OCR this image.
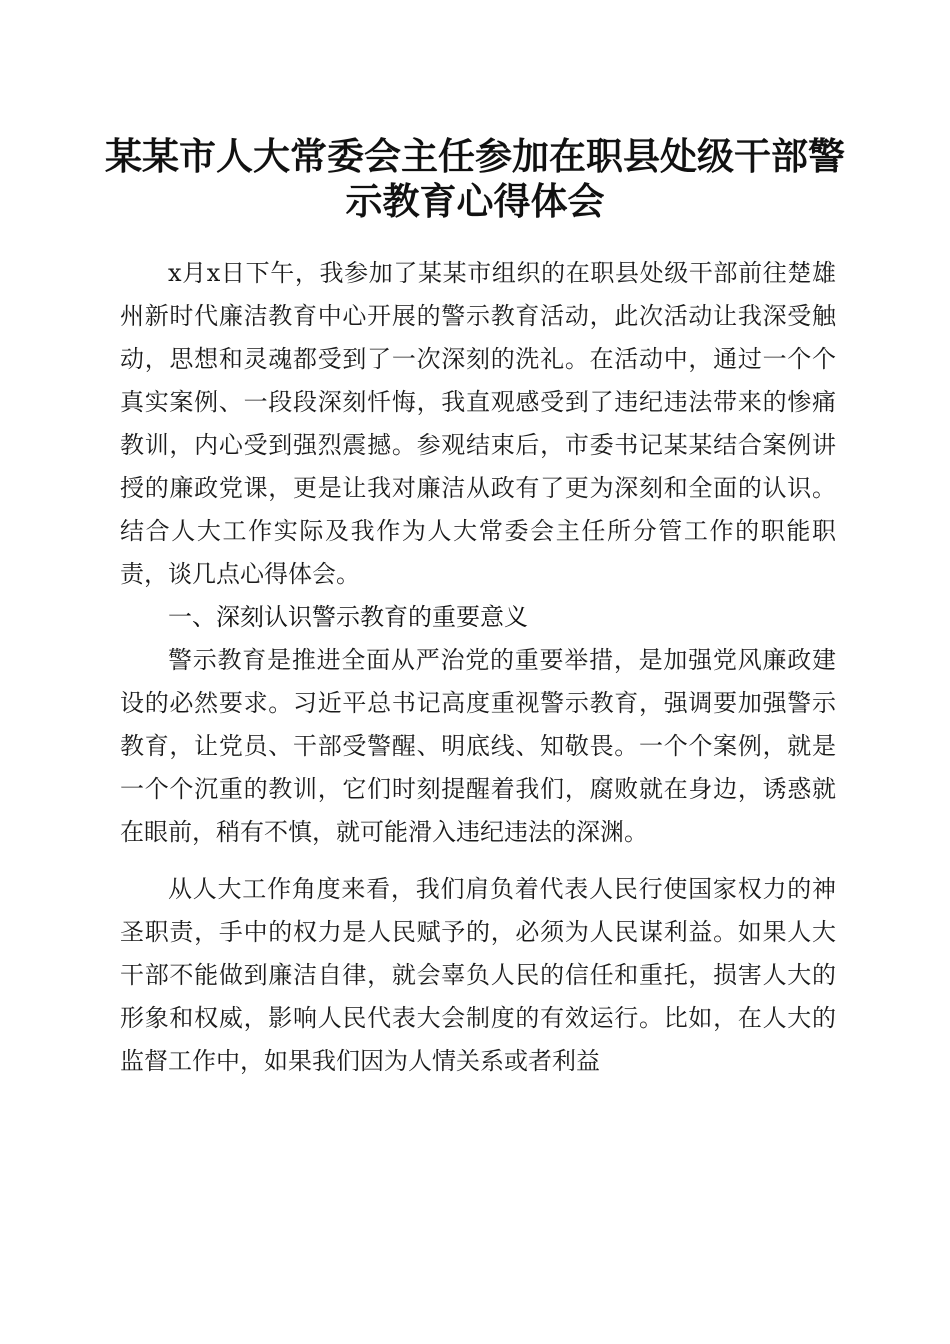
某某市人大常委会主任参加在职县处级干部警示教育心得体会

x月x日下午，我参加了某某市组织的在职县处级干部前往楚雄州新时代廉洁教育中心开展的警示教育活动，此次活动让我深受触动，思想和灵魂都受到了一次深刻的洗礼。在活动中，通过一个个真实案例、一段段深刻忏悔，我直观感受到了违纪违法带来的惨痛教训，内心受到强烈震撼。参观结束后，市委书记某某结合案例讲授的廉政党课，更是让我对廉洁从政有了更为深刻和全面的认识。结合人大工作实际及我作为人大常委会主任所分管工作的职能职责，谈几点心得体会。

一、深刻认识警示教育的重要意义

警示教育是推进全面从严治党的重要举措，是加强党风廉政建设的必然要求。习近平总书记高度重视警示教育，强调要加强警示教育，让党员、干部受警醒、明底线、知敬畏。一个个案例，就是一个个沉重的教训，它们时刻提醒着我们，腐败就在身边，诱惑就在眼前，稍有不慎，就可能滑入违纪违法的深渊。

从人大工作角度来看，我们肩负着代表人民行使国家权力的神圣职责，手中的权力是人民赋予的，必须为人民谋利益。如果人大干部不能做到廉洁自律，就会辜负人民的信任和重托，损害人大的形象和权威，影响人民代表大会制度的有效运行。比如，在人大的监督工作中，如果我们因为人情关系或者利益
